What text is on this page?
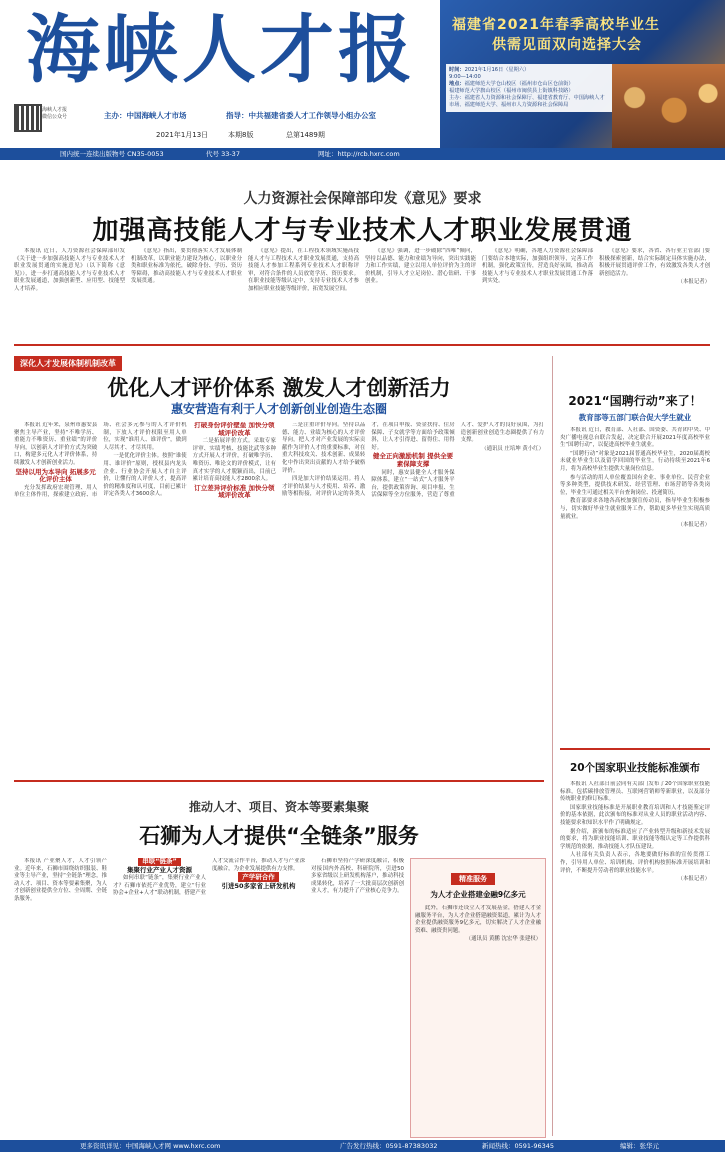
海峡人才报
海峡人才报
微信公众号	主办：中国海峡人才市场	指导：中共福建省委人才工作领导小组办公室
2021年1月13日	本期8版	总第1489期
福建省2021年春季高校毕业生
供需见面双向选择大会
时间：2021年1月16日（星期六）
9:00—14:00
地点：福建师范大学仓山校区（福州市仓山区仓前街）
福建师范大学旗山校区（福州市闽侯县上街镇科技路）
主办：福建省人力资源和社会保障厅、福建省教育厅、中国海峡人才市场、福建师范大学、福州市人力资源和社会保障局
国内统一连续出版物号 CN35-0053	代号 33-37	网址：http://rcb.hxrc.com
人力资源社会保障部印发《意见》要求
加强高技能人才与专业技术人才职业发展贯通

本报讯 近日，人力资源社会保障部印发《关于进一步加强高技能人才与专业技术人才职业发展贯通的实施意见》（以下简称《意见》），进一步打通高技能人才与专业技术人才职业发展通道，加强创新型、应用型、技能型人才培养。

《意见》指出，要贯彻落实人才发展体制机制改革，以职业能力建设为核心，以职业分类和职业标准为依托，破除身份、学历、资历等障碍，推动高技能人才与专业技术人才职业发展贯通。

《意见》提出，在工程技术领域实施高技能人才与工程技术人才职业发展贯通，支持高技能人才参加工程系列专业技术人才职称评审，对符合条件的人员放宽学历、资历要求。在职业技能等级认定中，支持专业技术人才参加相应职业技能等级评价，拓宽发展空间。

《意见》强调，进一步破除“四唯”倾向，坚持以品德、能力和业绩为导向，突出实践能力和工作实绩，建立以用人单位评价为主的评价机制，引导人才立足岗位、潜心钻研、干事创业。

《意见》明确，各地人力资源社会保障部门要结合本地实际，加强组织领导，完善工作机制，强化政策宣传，营造良好氛围，推动高技能人才与专业技术人才职业发展贯通工作落到实处。

《意见》要求，各省、各行业主管部门要积极探索创新，结合实际制定具体实施办法，积极开展贯通评价工作，有效激发各类人才创新创造活力。

（本报记者）

深化人才发展体制机制改革
优化人才评价体系 激发人才创新活力
惠安营造有利于人才创新创业创造生态圈

本报讯 近年来，泉州市惠安县聚焦主导产业，坚持“不唯学历、重能力不唯资历、重业绩”的评价导向，以创新人才评价方式为突破口，构建多元化人才评价体系，持续激发人才创新创业活力。

坚持以用为本导向 拓展多元化评价主体

充分发挥政府宏观管理、用人单位主体作用，探索建立政府、市场、社会多元参与的人才评价机制，下放人才评价权限至用人单位，实现“谁用人、谁评价”，做到人尽其才、才尽其用。

一是优化评价主体。按照“谁使用、谁评价”原则，授权县内龙头企业、行业协会开展人才自主评价，让懂行的人评价人才，提高评价的精准度和认可度，目前已累计评定各类人才3600余人。

打破身份评价壁垒 加快分领域评价改革

二是拓展评价方式。采取专家评审、实绩考核、技能比武等多种方式开展人才评价，打破唯学历、唯资历、唯论文的评价模式，让有真才实学的人才脱颖而出，目前已累计培育高技能人才2800余人。

订立差异评价标准 加快分领域评价改革

三是注重评价导向。坚持以品德、能力、业绩为核心的人才评价导向，把人才对产业发展的实际贡献作为评价人才的重要标准，对在重大科技攻关、技术创新、成果转化中作出突出贡献的人才给予破格评价。

四是加大评价结果运用。将人才评价结果与人才使用、培养、激励等相衔接，对评价认定的各类人才，在项目申报、资金扶持、住房保障、子女就学等方面给予政策倾斜，让人才引得进、留得住、用得好。

健全正向激励机制 提供全要素保障支撑

同时，惠安县健全人才服务保障体系，建立“一站式”人才服务平台，提供政策咨询、项目申报、生活保障等全方位服务，营造了尊重人才、爱护人才的良好氛围，为打造创新创业创造生态圈提供了有力支撑。

（通讯员 庄培坤 黄小红）

推动人才、项目、资本等要素集聚
石狮为人才提供“全链条”服务

本报讯 产业聚人才，人才引领产业。近年来，石狮市围绕纺织服装、鞋业等主导产业，坚持“全链条”理念，推动人才、项目、资本等要素集聚，为人才创新创业提供全方位、全周期、全链条服务。

串联“链条”

集聚行业产业人才资源

如何串联“链条”，集聚行业产业人才？石狮市依托产业优势，建立“行业协会+企业+人才”联动机制，搭建产业人才交流合作平台，推动人才与产业深度融合，为企业发展提供有力支撑。

产学研合作

引进50多家省上研发机构

石狮市坚持产学研深度融合，积极对接国内外高校、科研院所，引进50多家省级以上研发机构落户，推动科技成果转化，培养了一大批高层次创新创业人才，有力提升了产业核心竞争力。

精准服务
为人才企业搭建金融9亿多元

此外，石狮市还设立人才发展基金，搭建人才金融服务平台，为人才企业搭建融资渠道，累计为人才企业提供融资服务9亿多元，切实解决了人才企业融资难、融资贵问题。

（通讯员 黄鹏 沈宏华 张建权）

2021“国聘行动”来了！
教育部等五部门联合促大学生就业

本报讯 近日，教育部、人社部、国资委、共青团中央、中央广播电视总台联合发起，决定联合开展2021年度高校毕业生“国聘行动”，以促进高校毕业生就业。

“国聘行动”对象是2021届普通高校毕业生，2020届离校未就业毕业生以及留学回国的毕业生，行动持续至2021年6月，将为高校毕业生提供大量岗位信息。

参与活动的用人单位覆盖国有企业、事业单位、民营企业等多种类型，提供技术研发、经营管理、市场营销等各类岗位，毕业生可通过相关平台查询岗位、投递简历。

教育部要求各地各高校加强宣传动员，指导毕业生积极参与，切实做好毕业生就业服务工作，帮助更多毕业生实现高质量就业。

（本报记者）

20个国家职业技能标准颁布

本报讯 人社部日前会同有关部门发布了20个国家职业技能标准，包括碳排放管理员、互联网营销师等新职业，以及部分传统职业的修订标准。

国家职业技能标准是开展职业教育培训和人才技能鉴定评价的基本依据，此次颁布的标准对从业人员的职业活动内容、技能要求和知识水平作了明确规定。

据介绍，新颁布的标准适应了产业转型升级和新技术发展的要求，将为职业技能培训、职业技能等级认定等工作提供科学规范的依据，推动技能人才队伍建设。

人社部有关负责人表示，各地要做好标准的宣传贯彻工作，引导用人单位、培训机构、评价机构按照标准开展培训和评价，不断提升劳动者的职业技能水平。

（本报记者）

更多资讯详见：中国海峡人才网 www.hxrc.com	广告发行热线：0591-87383032	新闻热线：0591-96345	编辑：张华元
